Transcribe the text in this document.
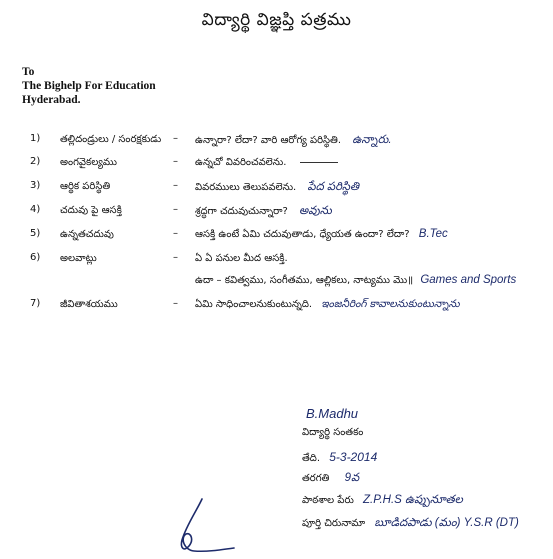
విద్యార్థి విజ్ఞప్తి పత్రము
To
The Bighelp For Education
Hyderabad.
1)	తల్లిదండ్రులు / సంరక్షకుడు – ఉన్నారా? లేదా? వారి ఆరోగ్య పరిస్థితి. ఉన్నారు.
2)	అంగవైకల్యము	– ఉన్నచో వివరించవలెను.
3)	ఆర్థిక పరిస్థితి	– వివరములు తెలుపవలెను. పేద పరిస్థితి
4)	చదువు పై ఆసక్తి	– శ్రద్ధగా చదువుచున్నారా? అవును
5)	ఉన్నతచదువు	– ఆసక్తి ఉంటే ఏమి చదువుతాడు, ధ్యేయత ఉందా? లేదా? B.Tec
6)	అలవాట్లు	– ఏ ఏ పనుల మీద ఆసక్తి.
ఉదా – కవిత్వము, సంగీతము, ఆల్లికలు, నాట్యము మొ॥ Games and Sports
7)	జీవితాశయము	– ఏమి సాధించాలనుకుంటున్నది. ఇంజనీరింగ్ కావాలనుకుంటున్నాను
B.Madhu
విద్యార్థి సంతకం
తేది. 5-3-2014
తరగతి 9వ
పాఠశాల పేరు Z.P.H.S ఉప్పునూతల
పూర్తి చిరునామా బూడిదపాడు (మం) Y.S.R (DT)
